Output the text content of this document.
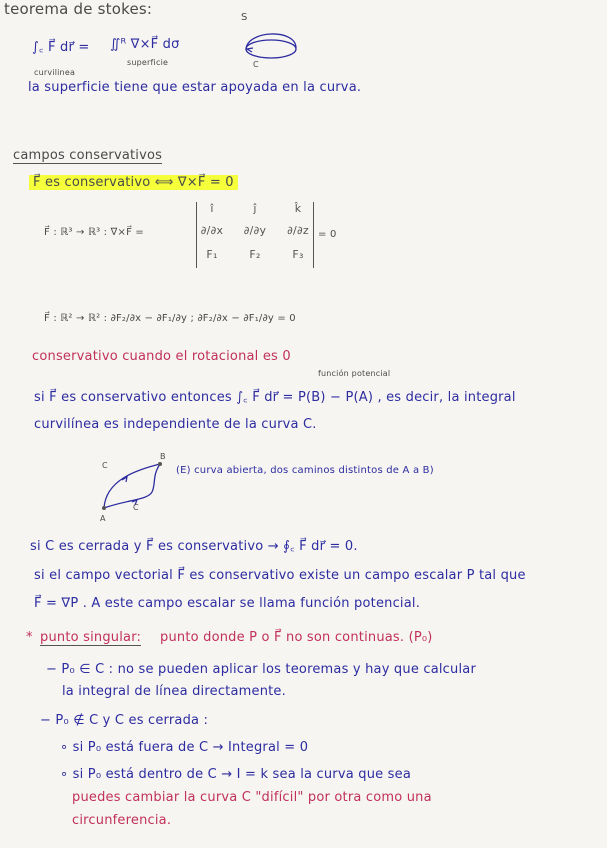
teorema de stokes:
∫꜀ F⃗ dr⃗ = ∬ᴿ ∇×F⃗ dσ
curvilinea
superficie
S
C
la superficie tiene que estar apoyada en la curva.
campos conservativos
F⃗ es conservativo ⟺ ∇×F⃗ = 0
F⃗ : ℝ³ → ℝ³ : ∇×F⃗ =
î	ĵ	k̂
∂/∂x	∂/∂y	∂/∂z
F₁	F₂	F₃
= 0
F⃗ : ℝ² → ℝ² : ∂F₂/∂x − ∂F₁/∂y ; ∂F₂/∂x − ∂F₁/∂y = 0
conservativo cuando el rotacional es 0
función potencial
si F⃗ es conservativo entonces ∫꜀ F⃗ dr⃗ = P(B) − P(A) , es decir, la integral
curvilínea es independiente de la curva C.
C
B
A
C
(E) curva abierta, dos caminos distintos de A a B)
si C es cerrada y F⃗ es conservativo → ∮꜀ F⃗ dr⃗ = 0.
si el campo vectorial F⃗ es conservativo existe un campo escalar P tal que
F⃗ = ∇P . A este campo escalar se llama función potencial.
* punto singular: punto donde P o F⃗ no son continuas. (P₀)
− P₀ ∈ C : no se pueden aplicar los teoremas y hay que calcular
la integral de línea directamente.
− P₀ ∉ C y C es cerrada :
∘ si P₀ está fuera de C → Integral = 0
∘ si P₀ está dentro de C → I = k sea la curva que sea
puedes cambiar la curva C "difícil" por otra como una
circunferencia.
